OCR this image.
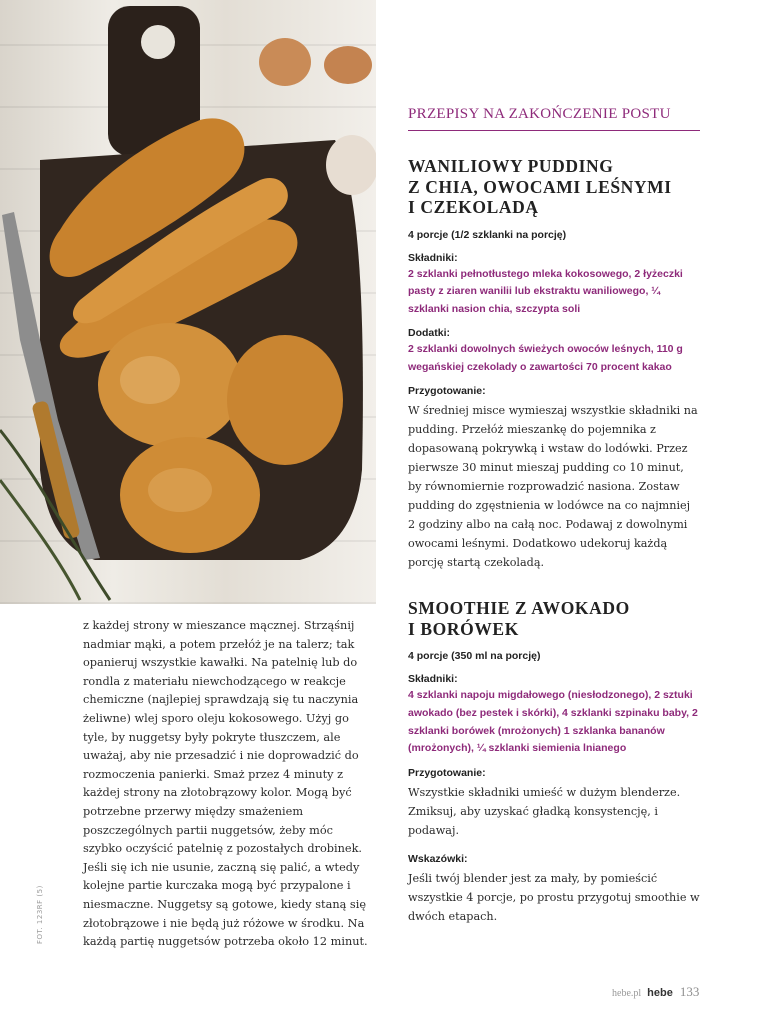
z każdej strony w mieszance mącznej. Strząśnij nadmiar mąki, a potem przełóż je na talerz; tak opanieruj wszystkie kawałki. Na patelnię lub do rondla z materiału niewchodzącego w reakcje chemiczne (najlepiej sprawdzają się tu naczynia żeliwne) wlej sporo oleju kokosowego. Użyj go tyle, by nuggetsy były pokryte tłuszczem, ale uważaj, aby nie przesadzić i nie doprowadzić do rozmoczenia panierki. Smaż przez 4 minuty z każdej strony na złotobrązowy kolor. Mogą być potrzebne przerwy między smażeniem poszczególnych partii nuggetsów, żeby móc szybko oczyścić patelnię z pozostałych drobinek. Jeśli się ich nie usunie, zaczną się palić, a wtedy kolejne partie kurczaka mogą być przypalone i niesmaczne. Nuggetsy są gotowe, kiedy staną się złotobrązowe i nie będą już różowe w środku. Na każdą partię nuggetsów potrzeba około 12 minut.
FOT. 123RF (5)
PRZEPISY NA ZAKOŃCZENIE POSTU
WANILIOWY PUDDING
Z CHIA, OWOCAMI LEŚNYMI
I CZEKOLADĄ
4 porcje (1/2 szklanki na porcję)
Składniki:
2 szklanki pełnotłustego mleka kokosowego, 2 łyżeczki pasty z ziaren wanilii lub ekstraktu waniliowego, ¼ szklanki nasion chia, szczypta soli
Dodatki:
2 szklanki dowolnych świeżych owoców leśnych, 110 g wegańskiej czekolady o zawartości 70 procent kakao
Przygotowanie:
W średniej misce wymieszaj wszystkie składniki na pudding. Przełóż mieszankę do pojemnika z dopasowaną pokrywką i wstaw do lodówki. Przez pierwsze 30 minut mieszaj pudding co 10 minut, by równomiernie rozprowadzić nasiona. Zostaw pudding do zgęstnienia w lodówce na co najmniej 2 godziny albo na całą noc. Podawaj z dowolnymi owocami leśnymi. Dodatkowo udekoruj każdą porcję startą czekoladą.
SMOOTHIE Z AWOKADO
I BORÓWEK
4 porcje (350 ml na porcję)
Składniki:
4 szklanki napoju migdałowego (niesłodzonego), 2 sztuki awokado (bez pestek i skórki), 4 szklanki szpinaku baby, 2 szklanki borówek (mrożonych) 1 szklanka bananów (mrożonych), ¼ szklanki siemienia lnianego
Przygotowanie:
Wszystkie składniki umieść w dużym blenderze. Zmiksuj, aby uzyskać gładką konsystencję, i podawaj.
Wskazówki:
Jeśli twój blender jest za mały, by pomieścić wszystkie 4 porcje, po prostu przygotuj smoothie w dwóch etapach.
hebe.pl hebe 133
